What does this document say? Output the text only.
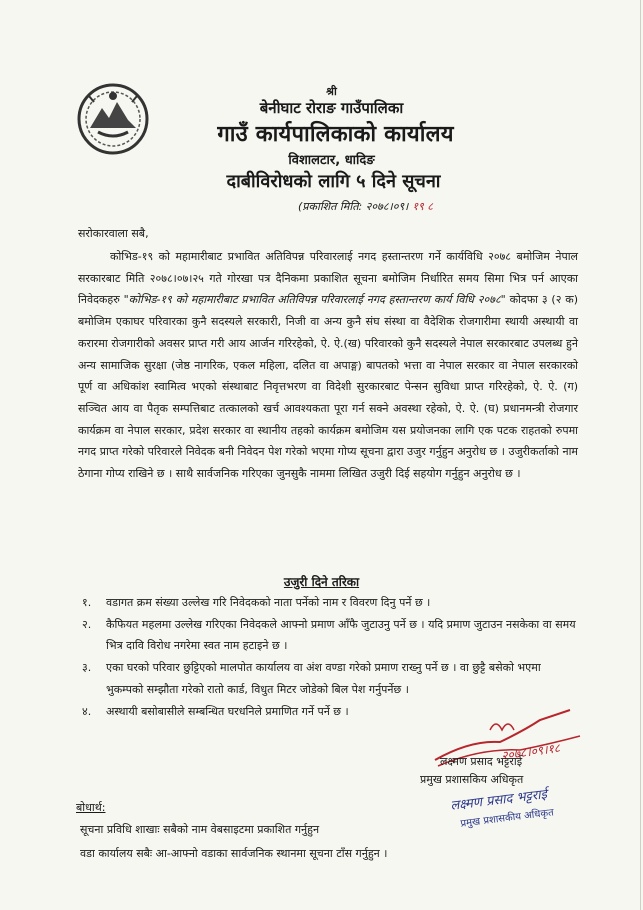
श्री
बेनीघाट रोराङ गाउँपालिका
गाउँ कार्यपालिकाको कार्यालय
विशालटार, धादिङ
दाबीविरोधको लागि ५ दिने सूचना
(प्रकाशित मिति: २०७८।०९। १९ ८
सरोकारवाला सबै,

कोभिड-१९ को महामारीबाट प्रभावित अतिविपन्न परिवारलाई नगद हस्तान्तरण गर्ने कार्यविधि २०७८ बमोजिम नेपाल सरकारबाट मिति २०७८।०७।२५ गते गोरखा पत्र दैनिकमा प्रकाशित सूचना बमोजिम निर्धारित समय सिमा भित्र पर्न आएका निवेदकहरु "कोभिड-१९ को महामारीबाट प्रभावित अतिविपन्न परिवारलाई नगद हस्तान्तरण कार्य विधि २०७८" कोदफा ३ (२ क) बमोजिम एकाघर परिवारका कुनै सदस्यले सरकारी, निजी वा अन्य कुनै संघ संस्था वा वैदेशिक रोजगारीमा स्थायी अस्थायी वा करारमा रोजगारीको अवसर प्राप्त गरी आय आर्जन गरिरहेको, ऐ. ऐ.(ख) परिवारको कुनै सदस्यले नेपाल सरकारबाट उपलब्ध हुने अन्य सामाजिक सुरक्षा (जेष्ठ नागरिक, एकल महिला, दलित वा अपाङ्ग) बापतको भत्ता वा नेपाल सरकार वा नेपाल सरकारको पूर्ण वा अधिकांश स्वामित्व भएको संस्थाबाट निवृत्तभरण वा विदेशी सुरकारबाट पेन्सन सुविधा प्राप्त गरिरहेको, ऐ. ऐ. (ग) सञ्चित आय वा पैतृक सम्पत्तिबाट तत्कालको खर्च आवश्यकता पूरा गर्न सक्ने अवस्था रहेको, ऐ. ऐ. (घ) प्रधानमन्त्री रोजगार कार्यक्रम वा नेपाल सरकार, प्रदेश सरकार वा स्थानीय तहको कार्यक्रम बमोजिम यस प्रयोजनका लागि एक पटक राहतको रुपमा नगद प्राप्त गरेको परिवारले निवेदक बनी निवेदन पेश गरेको भएमा गोप्य सूचना द्वारा उजुर गर्नुहुन अनुरोध छ । उजुरीकर्ताको नाम ठेगाना गोप्य राखिने छ । साथै सार्वजनिक गरिएका जुनसुकै नाममा लिखित उजुरी दिई सहयोग गर्नुहुन अनुरोध छ ।

उजुरी दिने तरिका
१. वडागत क्रम संख्या उल्लेख गरि निवेदकको नाता पर्नेको नाम र विवरण दिनु पर्ने छ ।
२. कैफियत महलमा उल्लेख गरिएका निवेदकले आफ्नो प्रमाण आँफै जुटाउनु पर्ने छ । यदि प्रमाण जुटाउन नसकेका वा समय भित्र दावि विरोध नगरेमा स्वत नाम हटाइने छ ।
३. एका घरको परिवार छुट्टिएको मालपोत कार्यालय वा अंश वण्डा गरेको प्रमाण राख्नु पर्ने छ । वा छुट्टै बसेको भएमा भुकम्पको सम्झौता गरेको रातो कार्ड, विधुत मिटर जोडेको बिल पेश गर्नुपर्नेछ ।
४. अस्थायी बसोबासीले सम्बन्धित घरधनिले प्रमाणित गर्ने पर्ने छ ।
२०७८।०९।१८
लक्ष्मण प्रसाद भट्टराई
प्रमुख प्रशासकिय अधिकृत
लक्ष्मण प्रसाद भट्टराई
प्रमुख प्रशासकीय अधिकृत
बोधार्थ:
सूचना प्रविधि शाखाः सबैको नाम वेबसाइटमा प्रकाशित गर्नुहुन
वडा कार्यालय सबैः आ-आफ्नो वडाका सार्वजनिक स्थानमा सूचना टाँस गर्नुहुन ।
